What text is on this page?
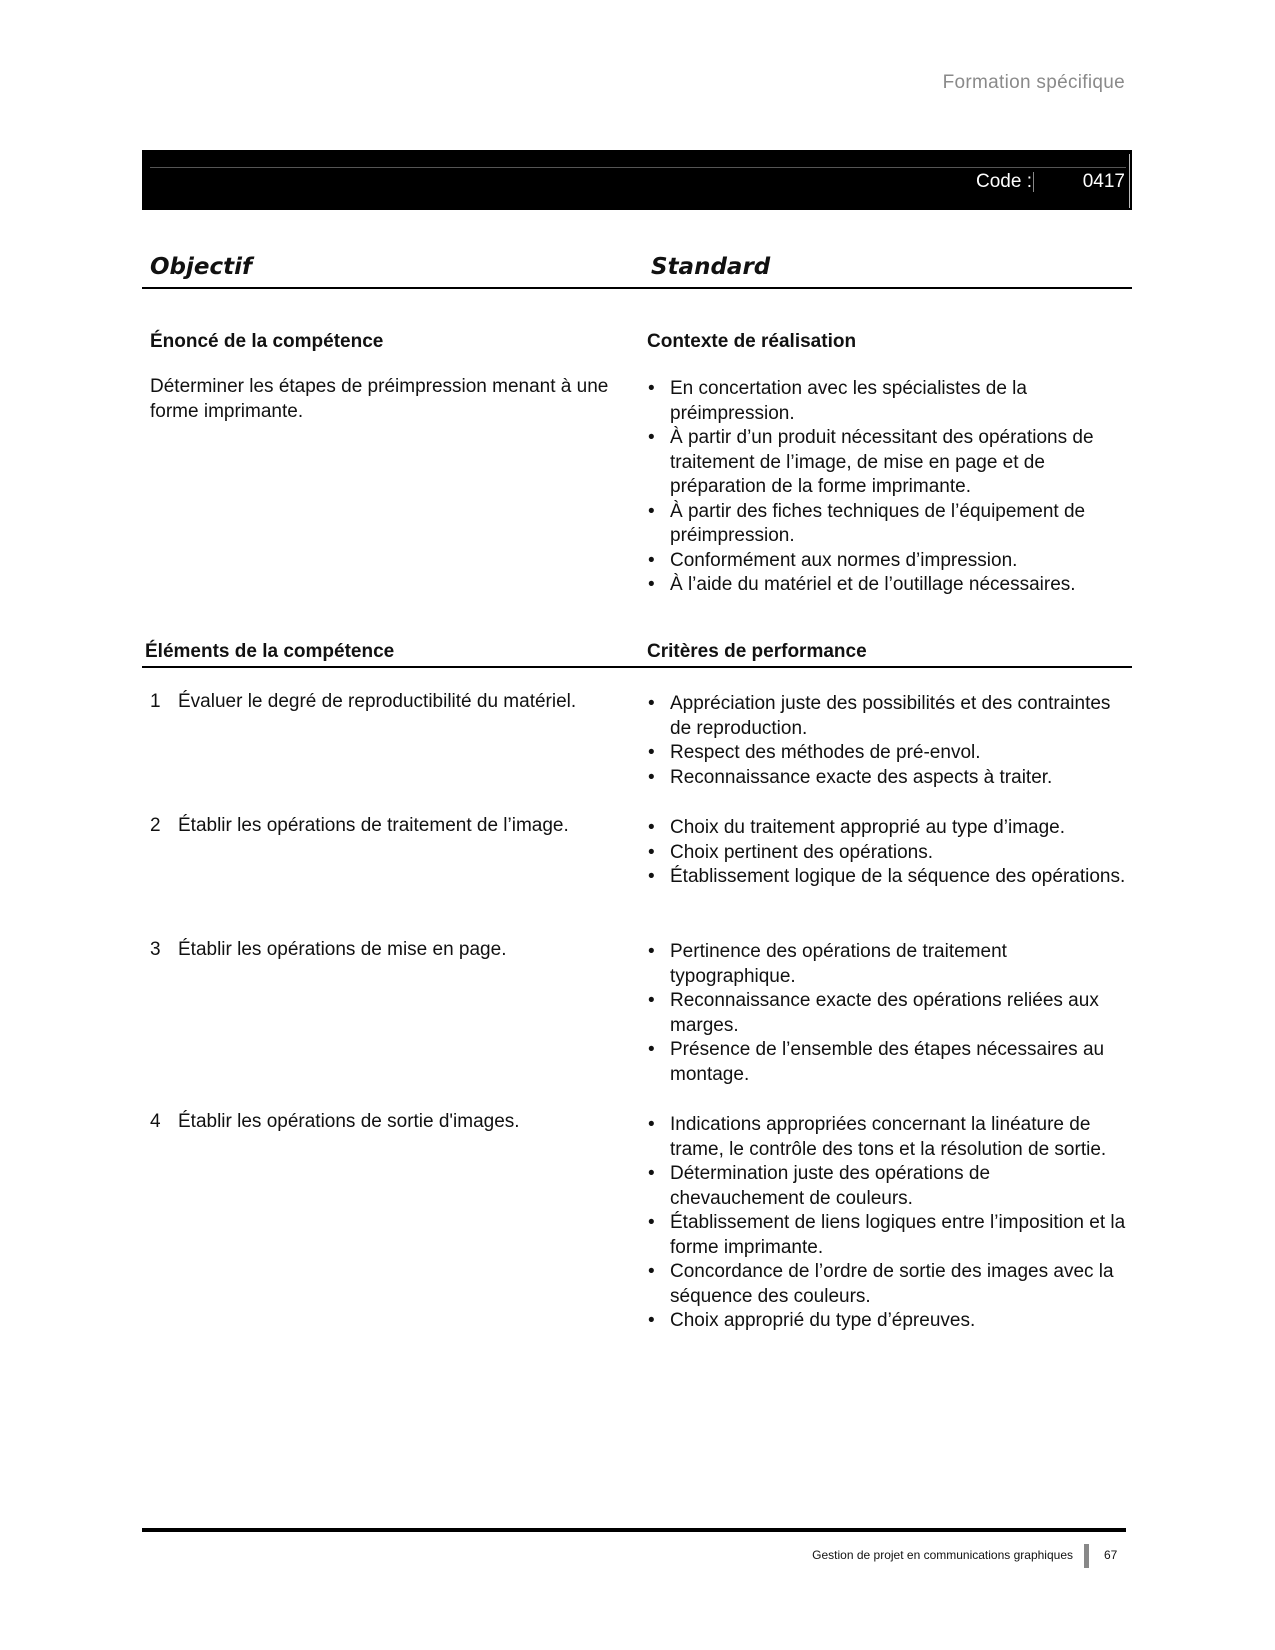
Formation spécifique
Code :	0417
Objectif	Standard
Énoncé de la compétence	Contexte de réalisation
Déterminer les étapes de préimpression menant à une forme imprimante.
• En concertation avec les spécialistes de la préimpression.
• À partir d’un produit nécessitant des opérations de traitement de l’image, de mise en page et de préparation de la forme imprimante.
• À partir des fiches techniques de l’équipement de préimpression.
• Conformément aux normes d’impression.
• À l’aide du matériel et de l’outillage nécessaires.
Éléments de la compétence	Critères de performance
1 Évaluer le degré de reproductibilité du matériel.	• Appréciation juste des possibilités et des contraintes de reproduction.
• Respect des méthodes de pré-envol.
• Reconnaissance exacte des aspects à traiter.
2 Établir les opérations de traitement de l’image.	• Choix du traitement approprié au type d’image.
• Choix pertinent des opérations.
• Établissement logique de la séquence des opérations.
3 Établir les opérations de mise en page.	• Pertinence des opérations de traitement typographique.
• Reconnaissance exacte des opérations reliées aux marges.
• Présence de l’ensemble des étapes nécessaires au montage.
4 Établir les opérations de sortie d'images.	• Indications appropriées concernant la linéature de trame, le contrôle des tons et la résolution de sortie.
• Détermination juste des opérations de chevauchement de couleurs.
• Établissement de liens logiques entre l’imposition et la forme imprimante.
• Concordance de l’ordre de sortie des images avec la séquence des couleurs.
• Choix approprié du type d’épreuves.
Gestion de projet en communications graphiques	67
